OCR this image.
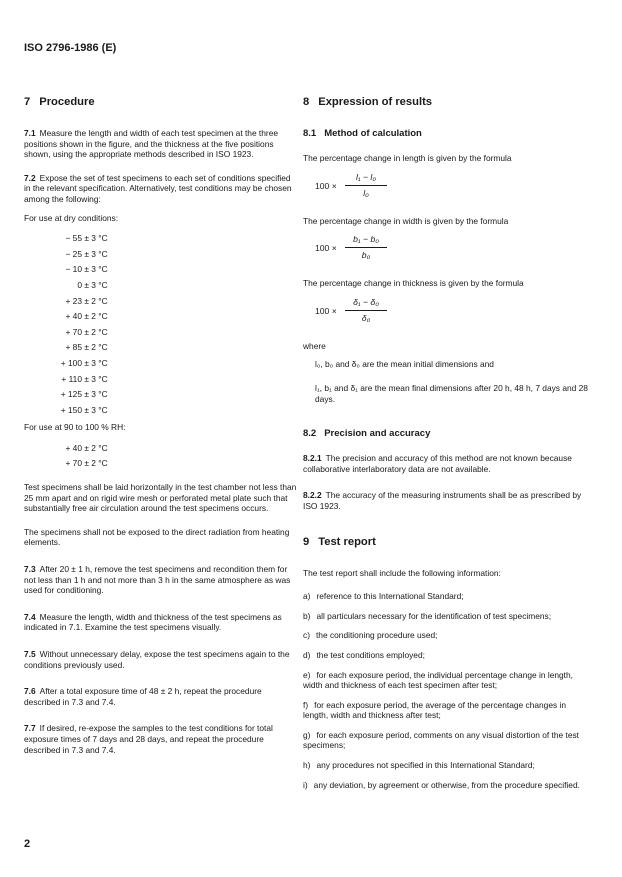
ISO 2796-1986 (E)
7 Procedure

7.1 Measure the length and width of each test specimen at the three positions shown in the figure, and the thickness at the five positions shown, using the appropriate methods described in ISO 1923.

7.2 Expose the set of test specimens to each set of conditions specified in the relevant specification. Alternatively, test conditions may be chosen among the following:

For use at dry conditions:

− 55 ± 3 °C
− 25 ± 3 °C
− 10 ± 3 °C
0 ± 3 °C
+ 23 ± 2 °C
+ 40 ± 2 °C
+ 70 ± 2 °C
+ 85 ± 2 °C
+ 100 ± 3 °C
+ 110 ± 3 °C
+ 125 ± 3 °C
+ 150 ± 3 °C

For use at 90 to 100 % RH:

+ 40 ± 2 °C
+ 70 ± 2 °C

Test specimens shall be laid horizontally in the test chamber not less than 25 mm apart and on rigid wire mesh or perforated metal plate such that substantially free air circulation around the test specimens occurs.

The specimens shall not be exposed to the direct radiation from heating elements.

7.3 After 20 ± 1 h, remove the test specimens and recondition them for not less than 1 h and not more than 3 h in the same atmosphere as was used for conditioning.

7.4 Measure the length, width and thickness of the test specimens as indicated in 7.1. Examine the test specimens visually.

7.5 Without unnecessary delay, expose the test specimens again to the conditions previously used.

7.6 After a total exposure time of 48 ± 2 h, repeat the procedure described in 7.3 and 7.4.

7.7 If desired, re-expose the samples to the test conditions for total exposure times of 7 days and 28 days, and repeat the procedure described in 7.3 and 7.4.

8 Expression of results
8.1 Method of calculation

The percentage change in length is given by the formula

100 ×
l₁ − l₀
l₀

The percentage change in width is given by the formula

100 ×
b₁ − b₀
b₀

The percentage change in thickness is given by the formula

100 ×
δ₁ − δ₀
δ₀

where

l₀, b₀ and δ₀ are the mean initial dimensions and

l₁, b₁ and δ₁ are the mean final dimensions after 20 h, 48 h, 7 days and 28 days.

8.2 Precision and accuracy

8.2.1 The precision and accuracy of this method are not known because collaborative interlaboratory data are not available.

8.2.2 The accuracy of the measuring instruments shall be as prescribed by ISO 1923.

9 Test report

The test report shall include the following information:

a) reference to this International Standard;

b) all particulars necessary for the identification of test specimens;

c) the conditioning procedure used;

d) the test conditions employed;

e) for each exposure period, the individual percentage change in length, width and thickness of each test specimen after test;

f) for each exposure period, the average of the percentage changes in length, width and thickness after test;

g) for each exposure period, comments on any visual distortion of the test specimens;

h) any procedures not specified in this International Standard;

i) any deviation, by agreement or otherwise, from the procedure specified.

2
